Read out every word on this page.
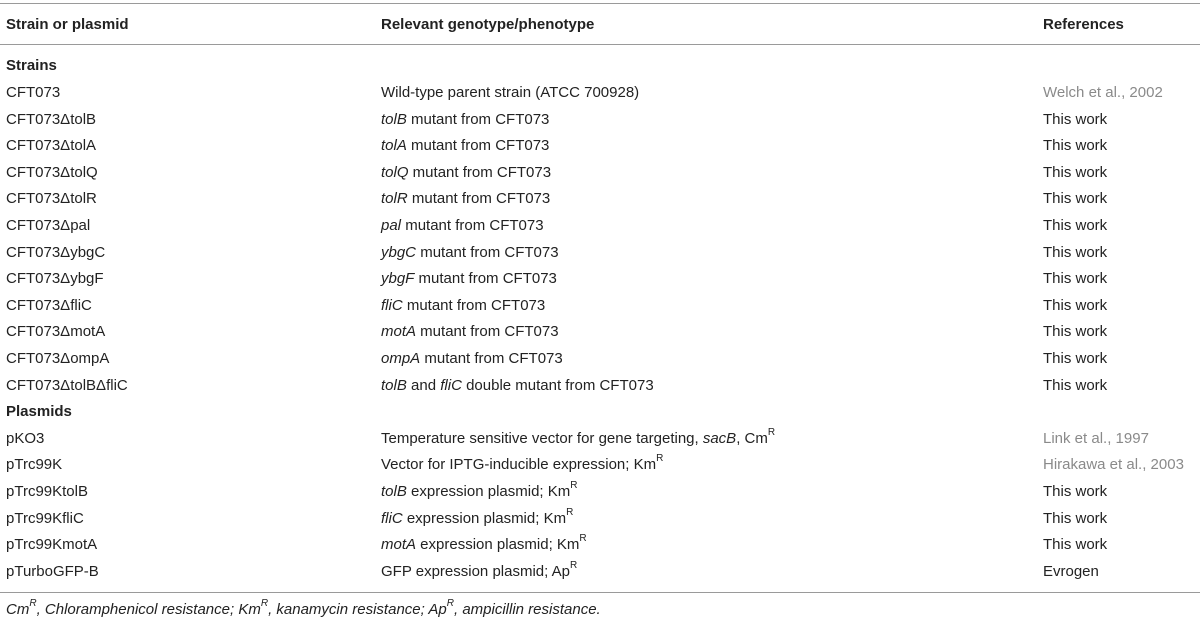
Strain or plasmid	Relevant genotype/phenotype	References
Strains
CFT073	Wild-type parent strain (ATCC 700928)	Welch et al., 2002
CFT073ΔtolB	tolB mutant from CFT073	This work
CFT073ΔtolA	tolA mutant from CFT073	This work
CFT073ΔtolQ	tolQ mutant from CFT073	This work
CFT073ΔtolR	tolR mutant from CFT073	This work
CFT073Δpal	pal mutant from CFT073	This work
CFT073ΔybgC	ybgC mutant from CFT073	This work
CFT073ΔybgF	ybgF mutant from CFT073	This work
CFT073ΔfliC	fliC mutant from CFT073	This work
CFT073ΔmotA	motA mutant from CFT073	This work
CFT073ΔompA	ompA mutant from CFT073	This work
CFT073ΔtolBΔfliC	tolB and fliC double mutant from CFT073	This work
Plasmids
pKO3	Temperature sensitive vector for gene targeting, sacB, $Cm^R$	Link et al., 1997
pTrc99K	Vector for IPTG-inducible expression; $Km^R$	Hirakawa et al., 2003
pTrc99KtolB	tolB expression plasmid; $Km^R$	This work
pTrc99KfliC	fliC expression plasmid; $Km^R$	This work
pTrc99KmotA	motA expression plasmid; $Km^R$	This work
pTurboGFP-B	GFP expression plasmid; $Ap^R$	Evrogen
$Cm^R$, Chloramphenicol resistance; $Km^R$, kanamycin resistance; $Ap^R$, ampicillin resistance.
